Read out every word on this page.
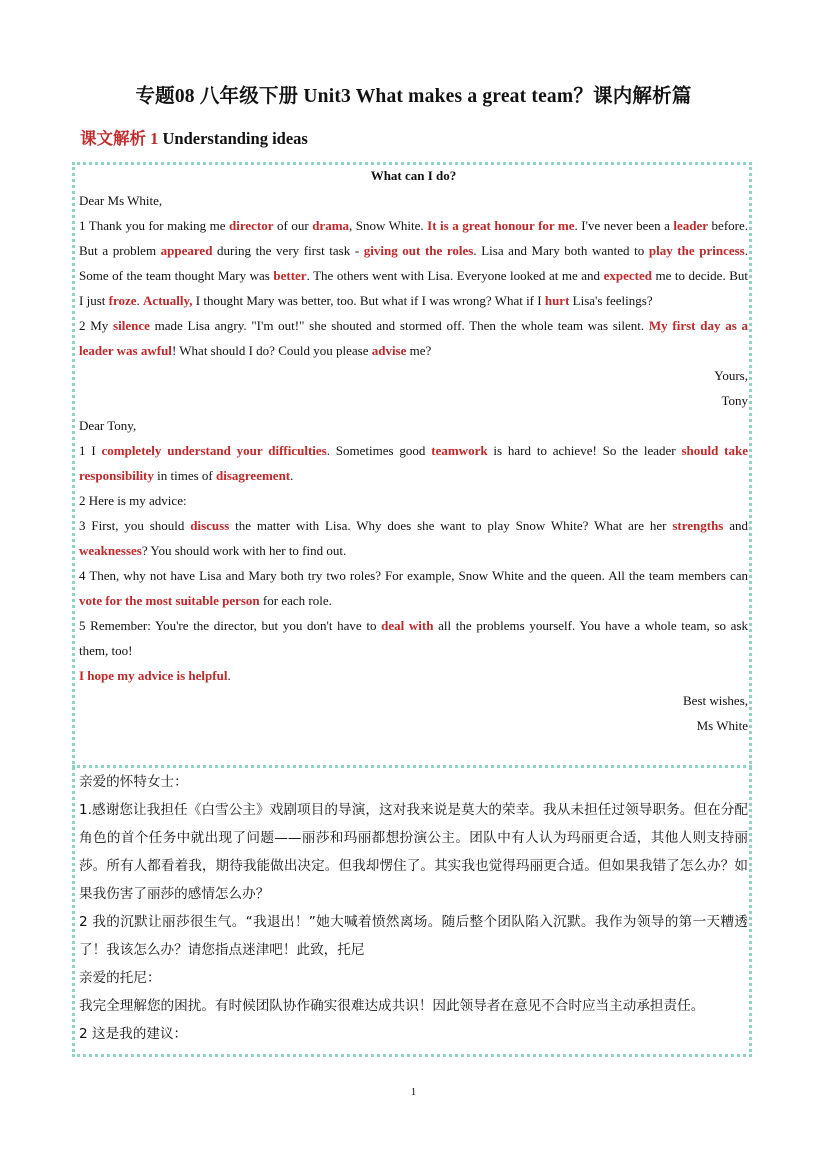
专题08 八年级下册 Unit3 What makes a great team？课内解析篇
课文解析 1 Understanding ideas

What can I do?

Dear Ms White,

1 Thank you for making me director of our drama, Snow White. It is a great honour for me. I've never been a leader before. But a problem appeared during the very first task - giving out the roles. Lisa and Mary both wanted to play the princess. Some of the team thought Mary was better. The others went with Lisa. Everyone looked at me and expected me to decide. But I just froze. Actually, I thought Mary was better, too. But what if I was wrong? What if I hurt Lisa's feelings?

2 My silence made Lisa angry. "I'm out!" she shouted and stormed off. Then the whole team was silent. My first day as a leader was awful! What should I do? Could you please advise me?

Yours,

Tony

Dear Tony,

1 I completely understand your difficulties. Sometimes good teamwork is hard to achieve! So the leader should take responsibility in times of disagreement.

2 Here is my advice:

3 First, you should discuss the matter with Lisa. Why does she want to play Snow White? What are her strengths and weaknesses? You should work with her to find out.

4 Then, why not have Lisa and Mary both try two roles? For example, Snow White and the queen. All the team members can vote for the most suitable person for each role.

5 Remember: You're the director, but you don't have to deal with all the problems yourself. You have a whole team, so ask them, too!

I hope my advice is helpful.

Best wishes,

Ms White

亲爱的怀特女士：

1.感谢您让我担任《白雪公主》戏剧项目的导演，这对我来说是莫大的荣幸。我从未担任过领导职务。但在分配角色的首个任务中就出现了问题——丽莎和玛丽都想扮演公主。团队中有人认为玛丽更合适，其他人则支持丽莎。所有人都看着我，期待我能做出决定。但我却愣住了。其实我也觉得玛丽更合适。但如果我错了怎么办？如果我伤害了丽莎的感情怎么办？

2 我的沉默让丽莎很生气。“我退出！”她大喊着愤然离场。随后整个团队陷入沉默。我作为领导的第一天糟透了！我该怎么办？请您指点迷津吧！此致，托尼

亲爱的托尼：

我完全理解您的困扰。有时候团队协作确实很难达成共识！因此领导者在意见不合时应当主动承担责任。

2 这是我的建议：

1
